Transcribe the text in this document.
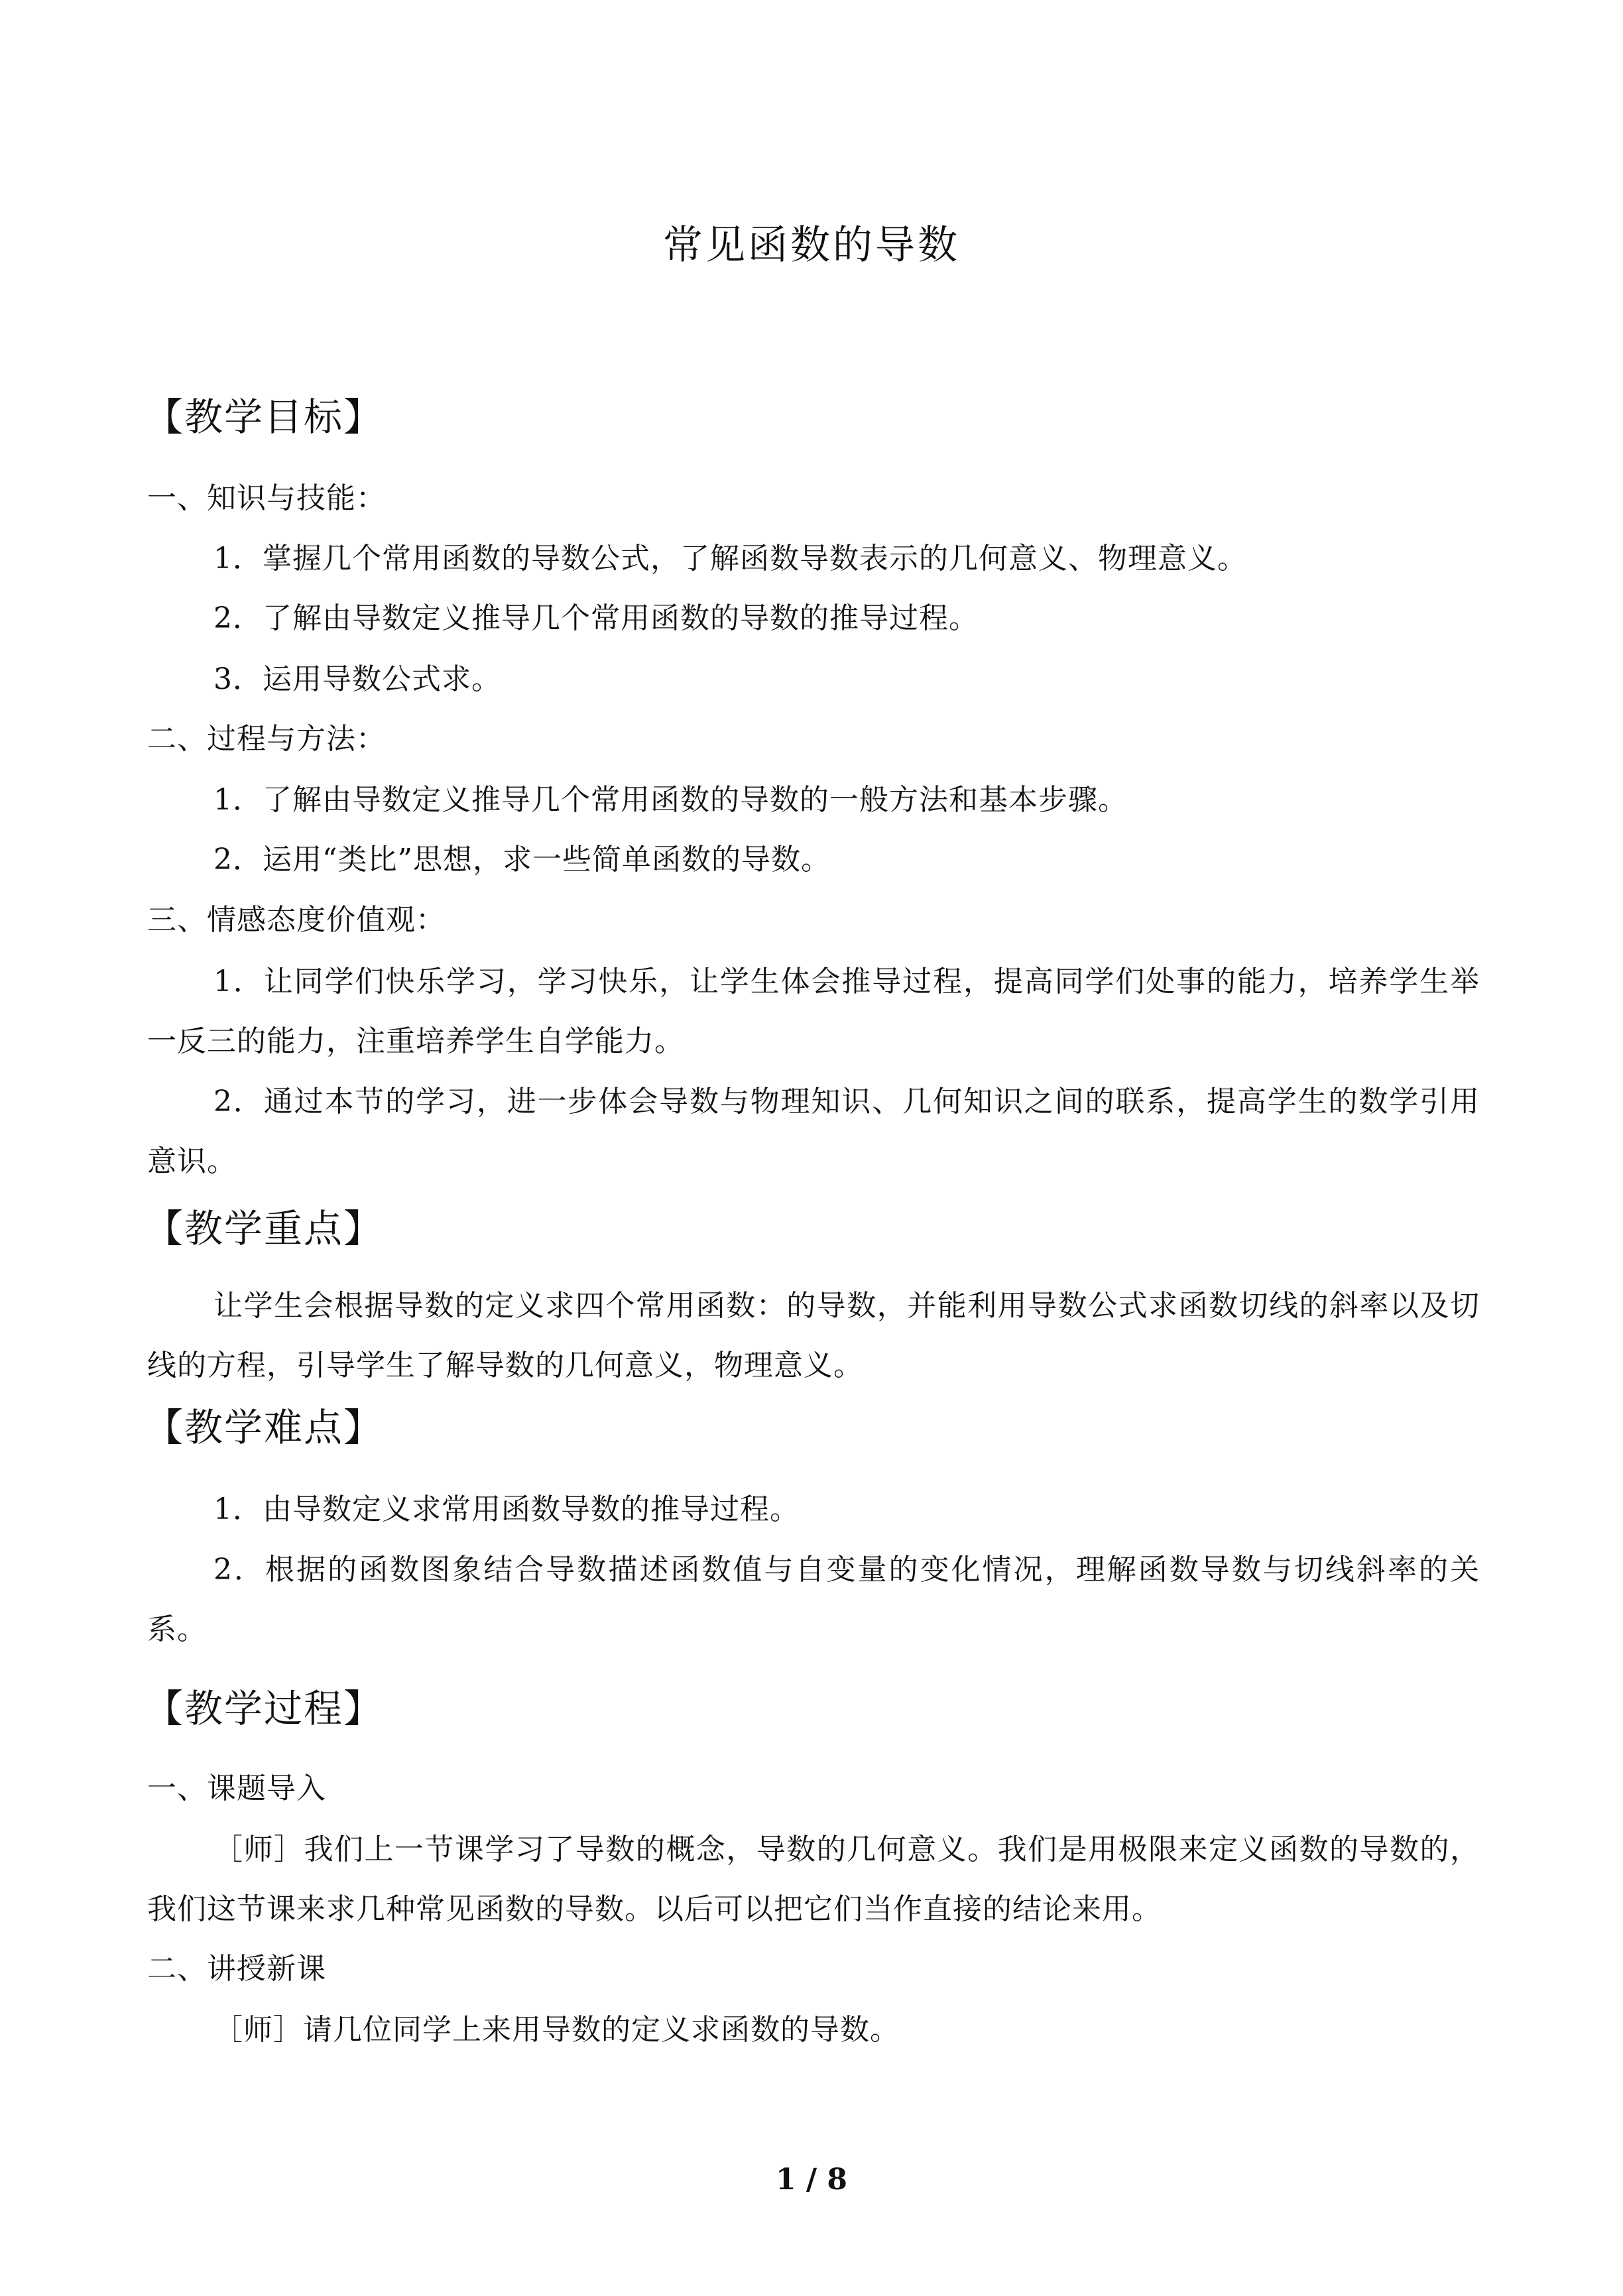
常见函数的导数
【教学目标】

一、知识与技能：

1．掌握几个常用函数的导数公式，了解函数导数表示的几何意义、物理意义。

2．了解由导数定义推导几个常用函数的导数的推导过程。

3．运用导数公式求。

二、过程与方法：

1．了解由导数定义推导几个常用函数的导数的一般方法和基本步骤。

2．运用“类比”思想，求一些简单函数的导数。

三、情感态度价值观：

1．让同学们快乐学习，学习快乐，让学生体会推导过程，提高同学们处事的能力，培养学生举一反三的能力，注重培养学生自学能力。

2．通过本节的学习，进一步体会导数与物理知识、几何知识之间的联系，提高学生的数学引用意识。

【教学重点】

让学生会根据导数的定义求四个常用函数：的导数，并能利用导数公式求函数切线的斜率以及切线的方程，引导学生了解导数的几何意义，物理意义。

【教学难点】

1．由导数定义求常用函数导数的推导过程。

2．根据的函数图象结合导数描述函数值与自变量的变化情况，理解函数导数与切线斜率的关系。

【教学过程】

一、课题导入

［师］我们上一节课学习了导数的概念，导数的几何意义。我们是用极限来定义函数的导数的，我们这节课来求几种常见函数的导数。以后可以把它们当作直接的结论来用。

二、讲授新课

［师］请几位同学上来用导数的定义求函数的导数。

1 / 8
